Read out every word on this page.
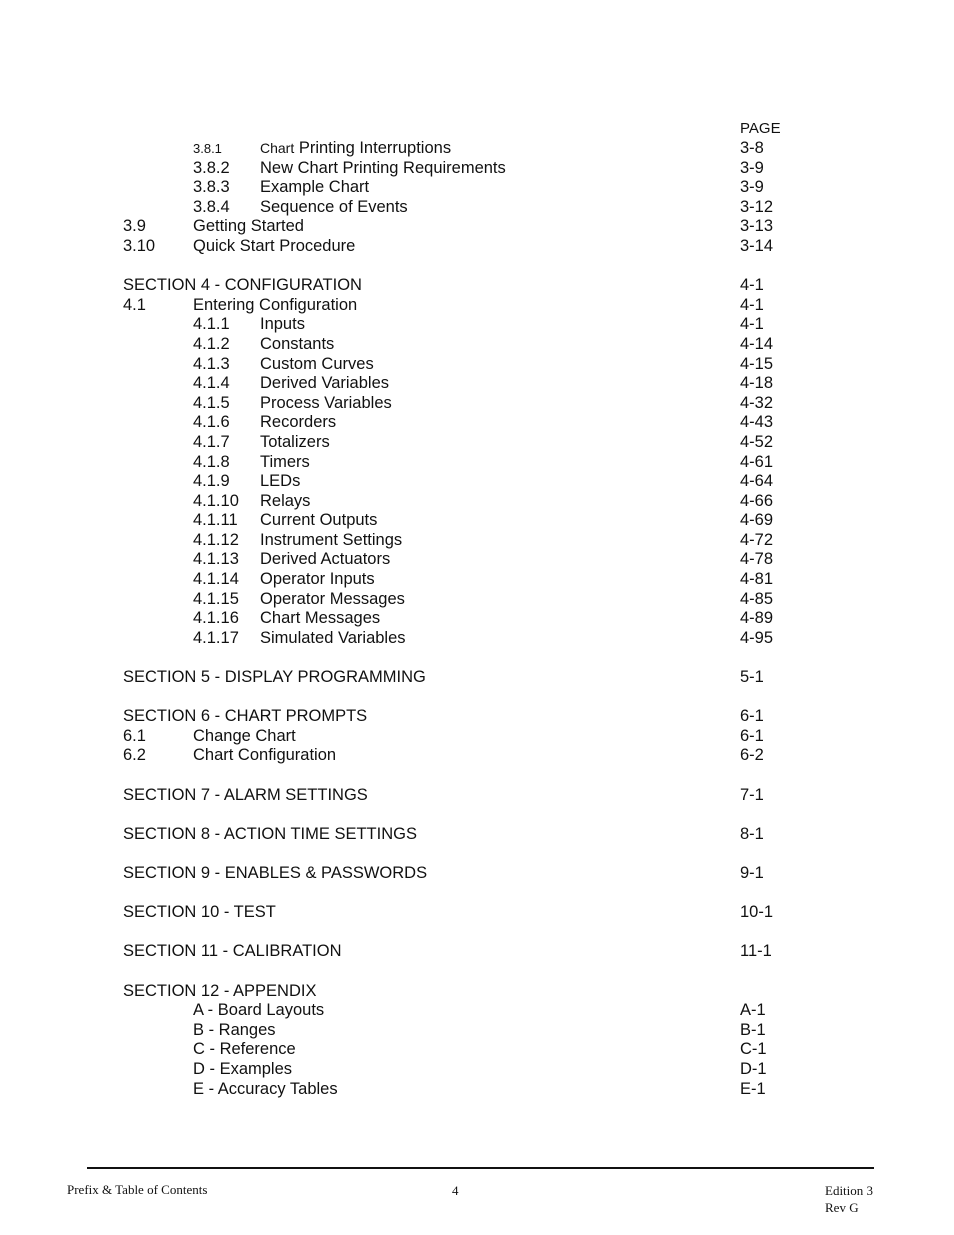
PAGE
3.8.1	Chart Printing Interruptions	3-8
3.8.2 New Chart Printing Requirements	3-9
3.8.3 Example Chart	3-9
3.8.4 Sequence of Events	3-12
3.9	Getting Started	3-13
3.10 Quick Start Procedure	3-14
SECTION 4 - CONFIGURATION	4-1
4.1	Entering Configuration	4-1
4.1.1 Inputs	4-1
4.1.2 Constants	4-14
4.1.3 Custom Curves	4-15
4.1.4 Derived Variables	4-18
4.1.5 Process Variables	4-32
4.1.6 Recorders	4-43
4.1.7 Totalizers	4-52
4.1.8 Timers	4-61
4.1.9 LEDs	4-64
4.1.10 Relays	4-66
4.1.11 Current Outputs	4-69
4.1.12 Instrument Settings	4-72
4.1.13 Derived Actuators	4-78
4.1.14 Operator Inputs	4-81
4.1.15 Operator Messages	4-85
4.1.16 Chart Messages	4-89
4.1.17 Simulated Variables	4-95
SECTION 5 - DISPLAY PROGRAMMING	5-1
SECTION 6 - CHART PROMPTS	6-1
6.1	Change Chart	6-1
6.2	Chart Configuration	6-2
SECTION 7 - ALARM SETTINGS	7-1
SECTION 8 - ACTION TIME SETTINGS	8-1
SECTION 9 - ENABLES & PASSWORDS	9-1
SECTION 10 - TEST	10-1
SECTION 11 - CALIBRATION	11-1
SECTION 12 - APPENDIX
A - Board Layouts	A-1
B - Ranges	B-1
C - Reference	C-1
D - Examples	D-1
E - Accuracy Tables	E-1
Prefix & Table of Contents	4	Edition 3
Rev G
